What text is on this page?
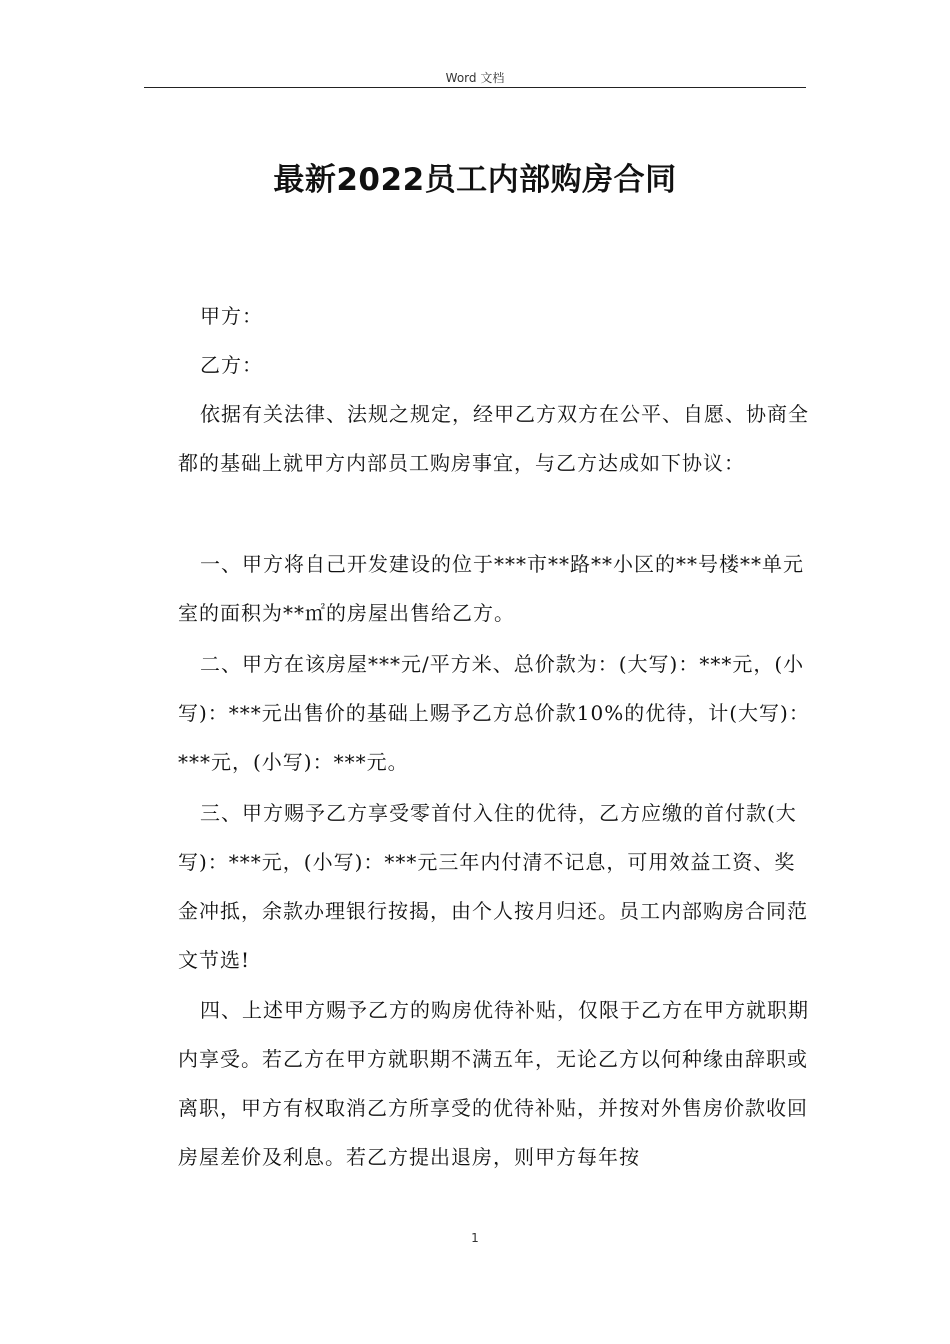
Word 文档
最新2022员工内部购房合同

甲方：

乙方：

依据有关法律、法规之规定，经甲乙方双方在公平、自愿、协商全都的基础上就甲方内部员工购房事宜，与乙方达成如下协议：

一、甲方将自己开发建设的位于***市**路**小区的**号楼**单元室的面积为**㎡的房屋出售给乙方。

二、甲方在该房屋***元/平方米、总价款为：(大写)：***元，(小写)：***元出售价的基础上赐予乙方总价款10%的优待，计(大写)：***元，(小写)：***元。

三、甲方赐予乙方享受零首付入住的优待，乙方应缴的首付款(大写)：***元，(小写)：***元三年内付清不记息，可用效益工资、奖金冲抵，余款办理银行按揭，由个人按月归还。员工内部购房合同范文节选!

四、上述甲方赐予乙方的购房优待补贴，仅限于乙方在甲方就职期内享受。若乙方在甲方就职期不满五年，无论乙方以何种缘由辞职或离职，甲方有权取消乙方所享受的优待补贴，并按对外售房价款收回房屋差价及利息。若乙方提出退房，则甲方每年按

1
